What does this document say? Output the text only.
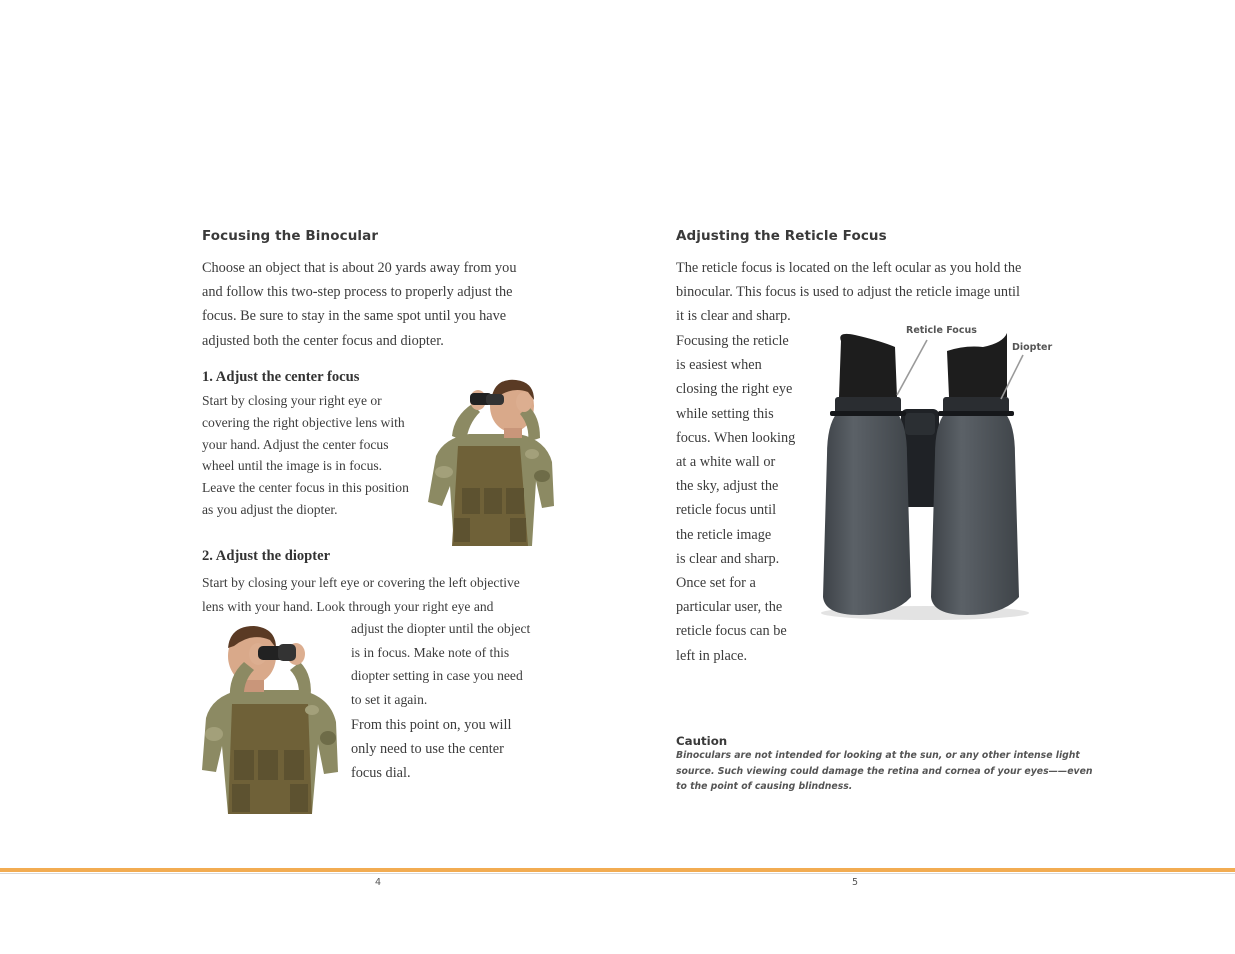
Focusing the Binocular
Choose an object that is about 20 yards away from you
and follow this two-step process to properly adjust the
focus. Be sure to stay in the same spot until you have
adjusted both the center focus and diopter.
1. Adjust the center focus
Start by closing your right eye or
covering the right objective lens with
your hand. Adjust the center focus
wheel until the image is in focus.
Leave the center focus in this position
as you adjust the diopter.
2. Adjust the diopter
Start by closing your left eye or covering the left objective
lens with your hand. Look through your right eye and
adjust the diopter until the object
is in focus. Make note of this
diopter setting in case you need
to set it again.
From this point on, you will
only need to use the center
focus dial.
Adjusting the Reticle Focus
The reticle focus is located on the left ocular as you hold the
binocular. This focus is used to adjust the reticle image until
it is clear and sharp.
Focusing the reticle
is easiest when
closing the right eye
while setting this
focus. When looking
at a white wall or
the sky, adjust the
reticle focus until
the reticle image
is clear and sharp.
Once set for a
particular user, the
reticle focus can be
left in place.
Reticle Focus
Diopter
Caution
Binoculars are not intended for looking at the sun, or any other intense light
source. Such viewing could damage the retina and cornea of your eyes——even
to the point of causing blindness.
4	5
